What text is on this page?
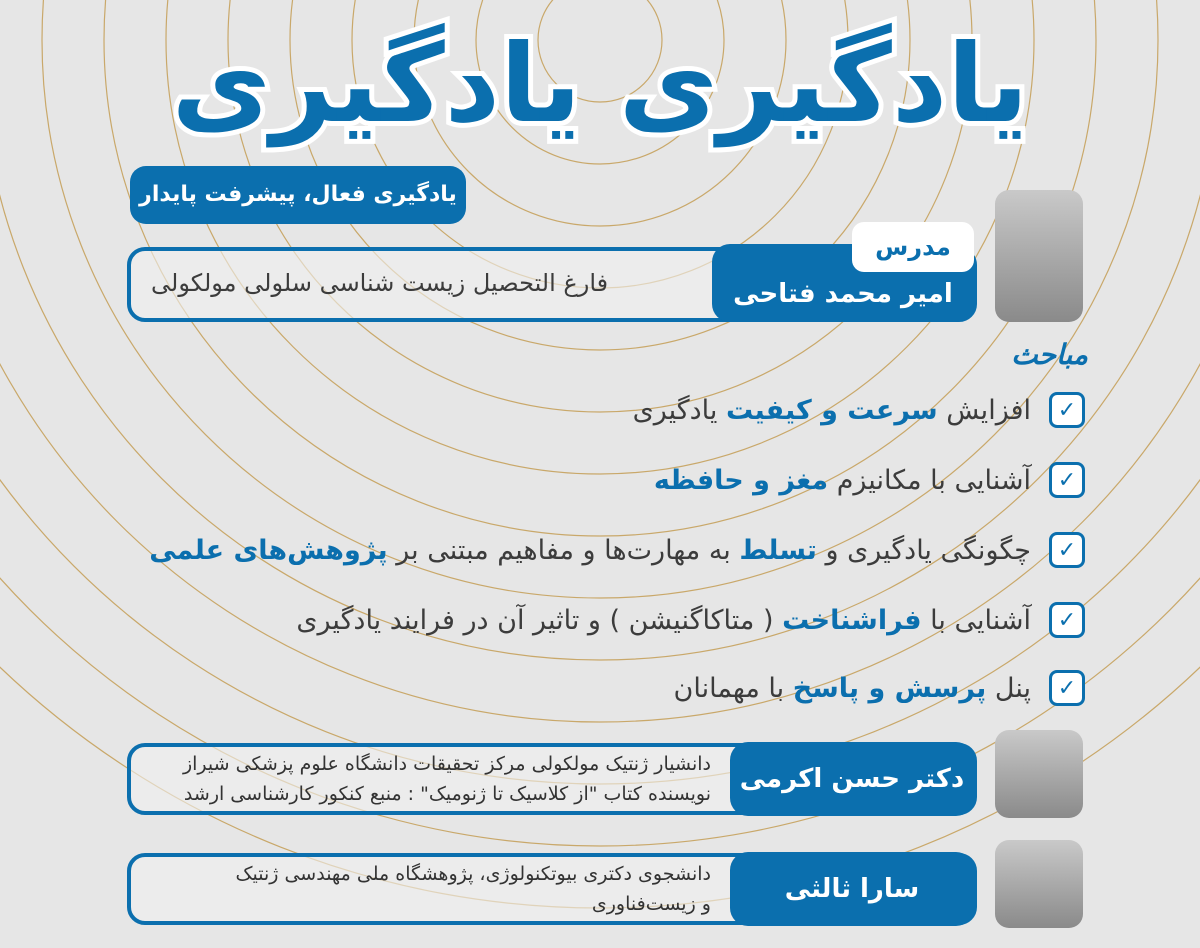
یادگیری یادگیری
یادگیری فعال، پیشرفت پایدار
فارغ التحصیل زیست شناسی سلولی مولکولی	امیر محمد فتاحی
مدرس
مباحث
✓
افزایش سرعت و کیفیت یادگیری
✓
آشنایی با مکانیزم مغز و حافظه
✓
چگونگی یادگیری و تسلط به مهارت‌ها و مفاهیم مبتنی بر پژوهش‌های علمی
✓
آشنایی با فراشناخت ( متاکاگنیشن ) و تاثیر آن در فرایند یادگیری
✓
پنل پرسش و پاسخ با مهمانان
دانشیار ژنتیک مولکولی مرکز تحقیقات دانشگاه علوم پزشکی شیراز
نویسنده کتاب "از کلاسیک تا ژنومیک" : منبع کنکور کارشناسی ارشد	دکتر حسن اکرمی
دانشجوی دکتری بیوتکنولوژی، پژوهشگاه ملی مهندسی ژنتیک
و زیست‌فناوری	سارا ثالثی
